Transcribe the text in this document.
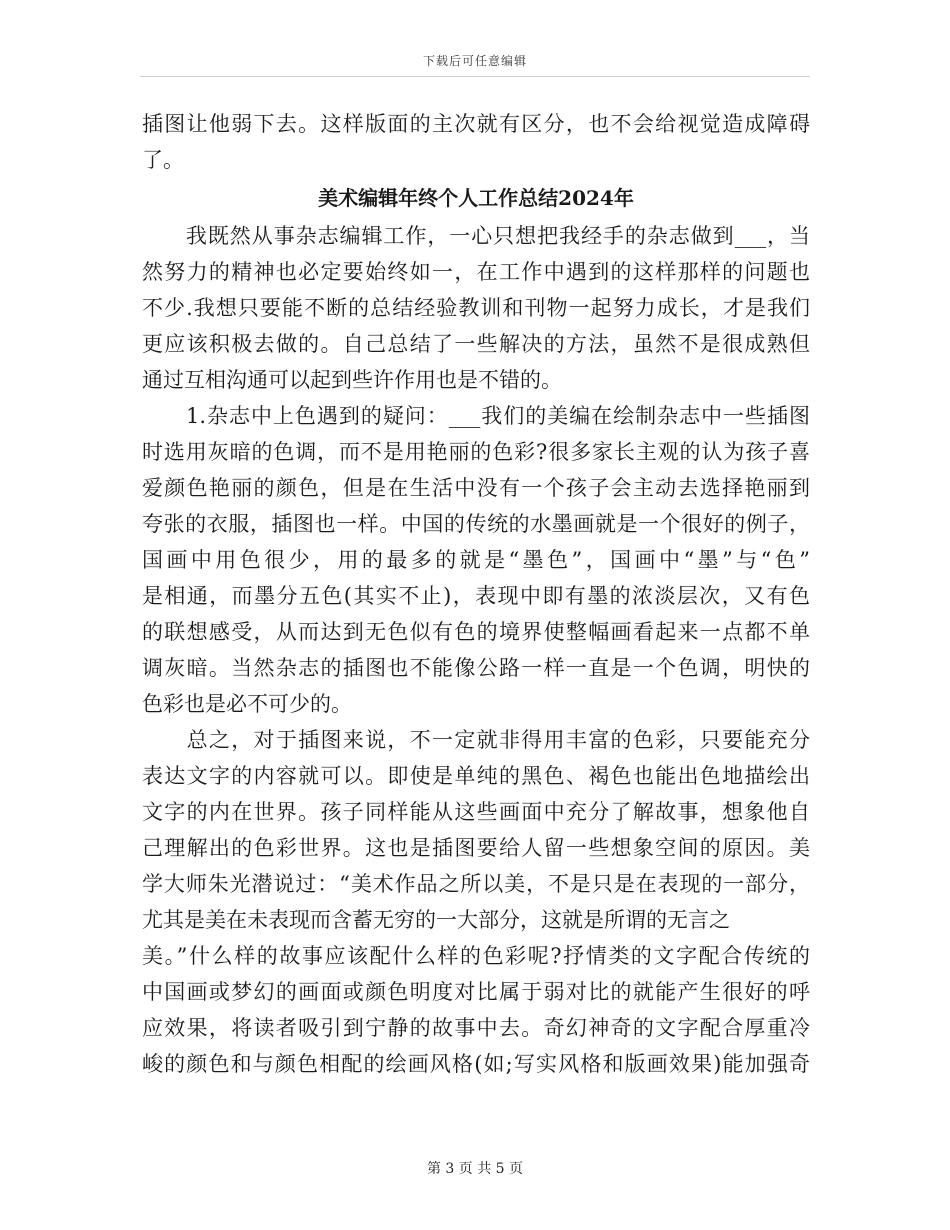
下载后可任意编辑
插图让他弱下去。这样版面的主次就有区分，也不会给视觉造成障碍
了。
美术编辑年终个人工作总结2024年
　　我既然从事杂志编辑工作，一心只想把我经手的杂志做到___，当
然努力的精神也必定要始终如一，在工作中遇到的这样那样的问题也
不少.我想只要能不断的总结经验教训和刊物一起努力成长，才是我们
更应该积极去做的。自己总结了一些解决的方法，虽然不是很成熟但
通过互相沟通可以起到些许作用也是不错的。
　　1.杂志中上色遇到的疑问：___我们的美编在绘制杂志中一些插图
时选用灰暗的色调，而不是用艳丽的色彩?很多家长主观的认为孩子喜
爱颜色艳丽的颜色，但是在生活中没有一个孩子会主动去选择艳丽到
夸张的衣服，插图也一样。中国的传统的水墨画就是一个很好的例子，
国画中用色很少，用的最多的就是“墨色”，国画中“墨”与“色”
是相通，而墨分五色(其实不止)，表现中即有墨的浓淡层次，又有色
的联想感受，从而达到无色似有色的境界使整幅画看起来一点都不单
调灰暗。当然杂志的插图也不能像公路一样一直是一个色调，明快的
色彩也是必不可少的。
　　总之，对于插图来说，不一定就非得用丰富的色彩，只要能充分
表达文字的内容就可以。即使是单纯的黑色、褐色也能出色地描绘出
文字的内在世界。孩子同样能从这些画面中充分了解故事，想象他自
己理解出的色彩世界。这也是插图要给人留一些想象空间的原因。美
学大师朱光潜说过：“美术作品之所以美，不是只是在表现的一部分，
尤其是美在未表现而含蓄无穷的一大部分，这就是所谓的无言之
美。”什么样的故事应该配什么样的色彩呢?抒情类的文字配合传统的
中国画或梦幻的画面或颜色明度对比属于弱对比的就能产生很好的呼
应效果，将读者吸引到宁静的故事中去。奇幻神奇的文字配合厚重冷
峻的颜色和与颜色相配的绘画风格(如;写实风格和版画效果)能加强奇
第 3 页 共 5 页
